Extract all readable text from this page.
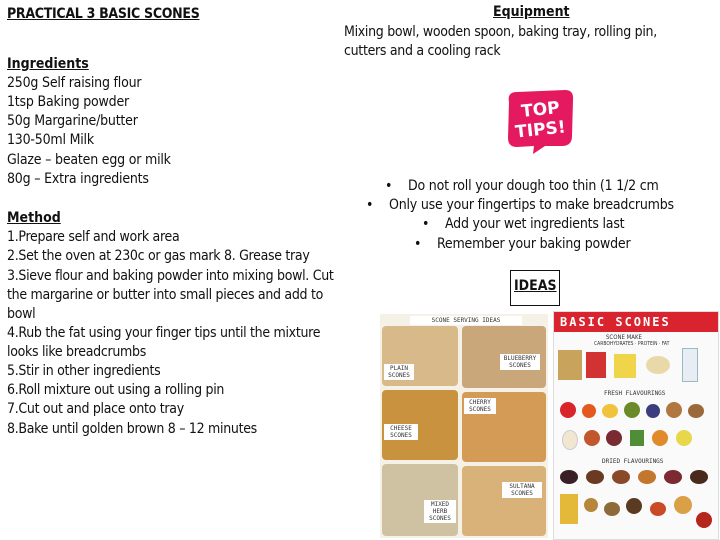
PRACTICAL 3 BASIC SCONES	Equipment
Mixing bowl, wooden spoon, baking tray, rolling pin,
cutters and a cooling rack
Ingredients
250g Self raising flour
1tsp Baking powder
50g Margarine/butter
130-50ml Milk
Glaze – beaten egg or milk
80g – Extra ingredients
Method
1.Prepare self and work area
2.Set the oven at 230c or gas mark 8. Grease tray
3.Sieve flour and baking powder into mixing bowl. Cut
the margarine or butter into small pieces and add to
bowl
4.Rub the fat using your finger tips until the mixture
looks like breadcrumbs
5.Stir in other ingredients
6.Roll mixture out using a rolling pin
7.Cut out and place onto tray
8.Bake until golden brown 8 – 12 minutes
TOP
TIPS!
• Do not roll your dough too thin (1 1/2 cm
• Only use your fingertips to make breadcrumbs
• Add your wet ingredients last
• Remember your baking powder
IDEAS
SCONE SERVING IDEAS
PLAIN SCONES
BLUEBERRY SCONES
CHERRY SCONES
CHEESE SCONES
SULTANA SCONES
MIXED HERB SCONES
BASIC SCONES
SCONE MAKE
CARBOHYDRATES · PROTEIN · FAT
FRESH FLAVOURINGS
DRIED FLAVOURINGS
